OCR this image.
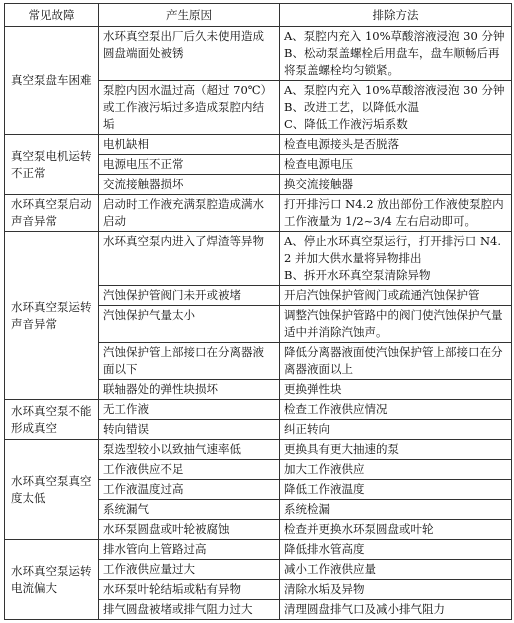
常见故障	产生原因	排除方法
真空泵盘车困难	水环真空泵出厂后久未使用造成圆盘端面处被锈	A、泵腔内充入 10%草酸溶液浸泡 30 分钟
B、松动泵盖螺栓后用盘车，盘车顺畅后再将泵盖螺栓均匀锁紧。
	泵腔内因水温过高（超过 70℃）或工作液污垢过多造成泵腔内结垢	A、泵腔内充入 10%草酸溶液浸泡 30 分钟
B、改进工艺，以降低水温
C、降低工作液污垢系数
真空泵电机运转不正常	电机缺相	检查电源接头是否脱落
	电源电压不正常	检查电源电压
	交流接触器损坏	换交流接触器
水环真空泵启动声音异常	启动时工作液充满泵腔造成满水启动	打开排污口 N4.2 放出部份工作液使泵腔内工作液量为 1/2~3/4 左右启动即可。
水环真空泵运转声音异常	水环真空泵内进入了焊渣等异物	A、停止水环真空泵运行，打开排污口 N4.2 并加大供水量将异物排出
B、拆开水环真空泵清除异物
	汽蚀保护管阀门未开或被堵	开启汽蚀保护管阀门或疏通汽蚀保护管
	汽蚀保护气量太小	调整汽蚀保护管路中的阀门使汽蚀保护气量适中并消除汽蚀声。
	汽蚀保护管上部接口在分离器液面以下	降低分离器液面使汽蚀保护管上部接口在分离器液面以上
	联轴器处的弹性块损坏	更换弹性块
水环真空泵不能形成真空	无工作液	检查工作液供应情况
	转向错误	纠正转向
水环真空泵真空度太低	泵选型较小以致抽气速率低	更换具有更大抽速的泵
	工作液供应不足	加大工作液供应
	工作液温度过高	降低工作液温度
	系统漏气	系统检漏
	水环泵圆盘或叶轮被腐蚀	检查并更换水环泵圆盘或叶轮
水环真空泵运转电流偏大	排水管向上管路过高	降低排水管高度
	工作液供应量过大	减小工作液供应量
	水环泵叶轮结垢或粘有异物	清除水垢及异物
	排气圆盘被堵或排气阻力过大	清理圆盘排气口及减小排气阻力
